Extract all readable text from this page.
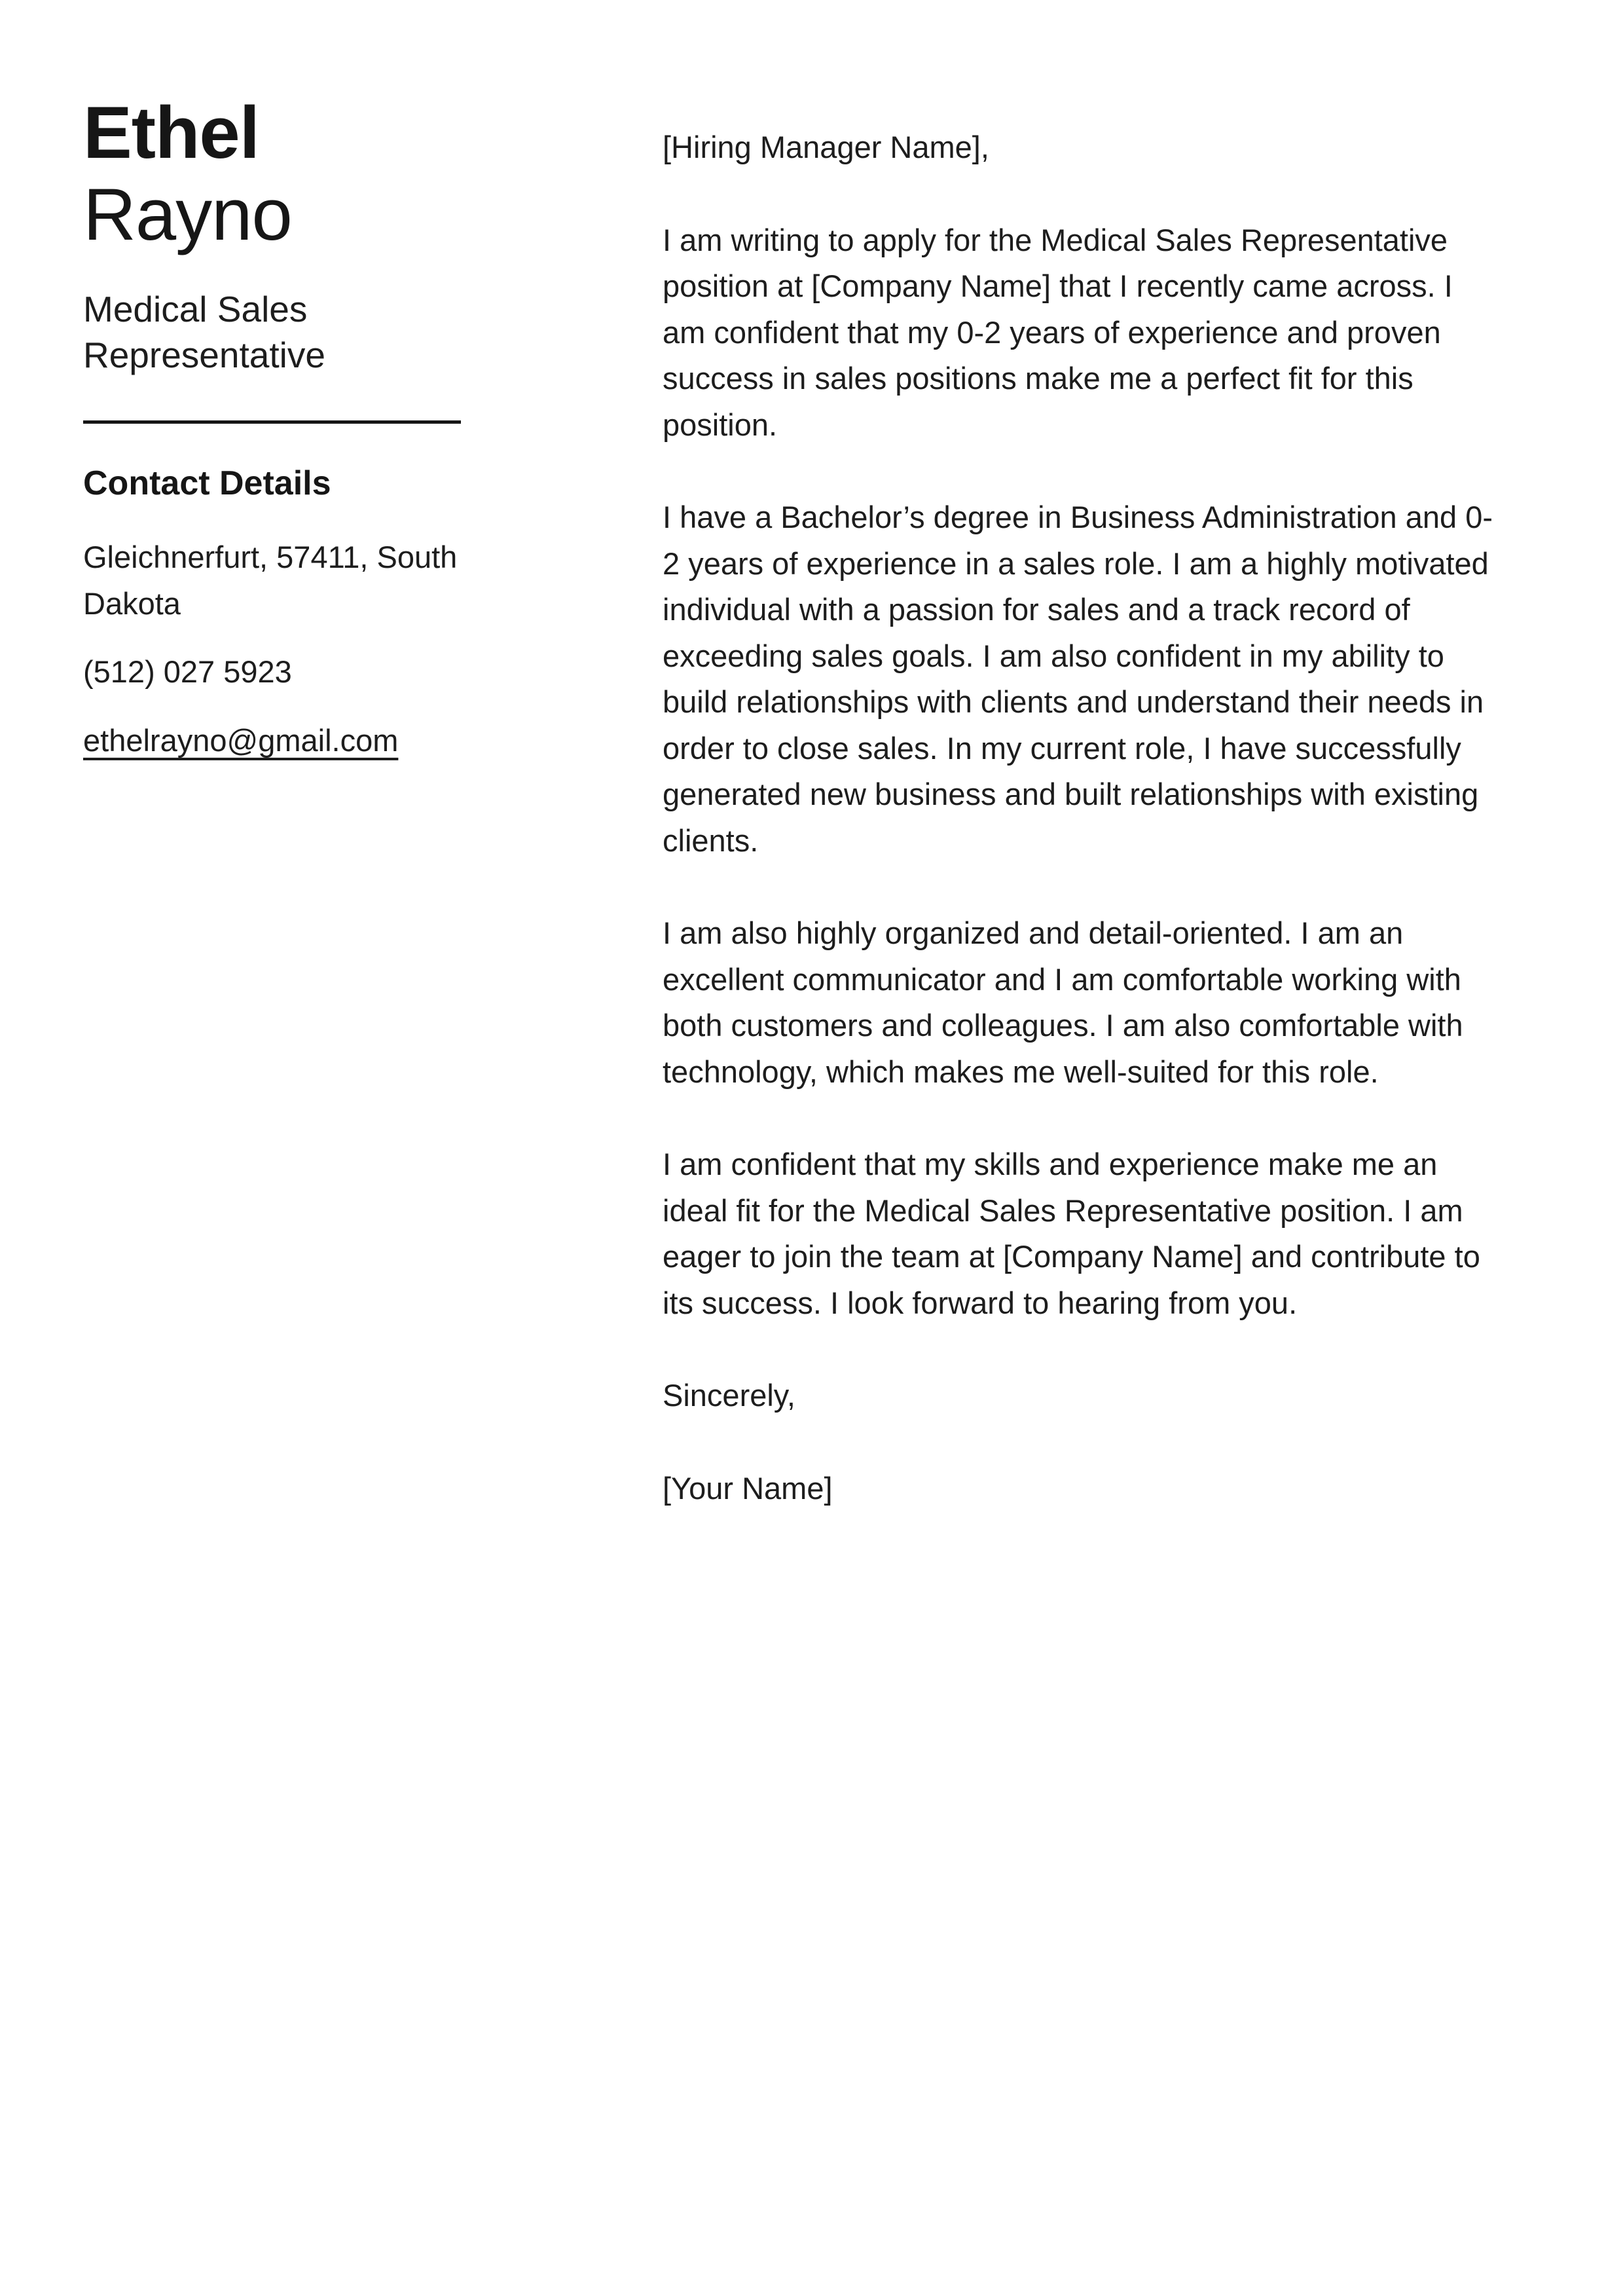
Ethel
Rayno
Medical Sales Representative
Contact Details
Gleichnerfurt, 57411, South Dakota
(512) 027 5923
ethelrayno@gmail.com

[Hiring Manager Name],

I am writing to apply for the Medical Sales Representative position at [Company Name] that I recently came across. I am confident that my 0-2 years of experience and proven success in sales positions make me a perfect fit for this position.

I have a Bachelor’s degree in Business Administration and 0-2 years of experience in a sales role. I am a highly motivated individual with a passion for sales and a track record of exceeding sales goals. I am also confident in my ability to build relationships with clients and understand their needs in order to close sales. In my current role, I have successfully generated new business and built relationships with existing clients.

I am also highly organized and detail-oriented. I am an excellent communicator and I am comfortable working with both customers and colleagues. I am also comfortable with technology, which makes me well-suited for this role.

I am confident that my skills and experience make me an ideal fit for the Medical Sales Representative position. I am eager to join the team at [Company Name] and contribute to its success. I look forward to hearing from you.

Sincerely,

[Your Name]
